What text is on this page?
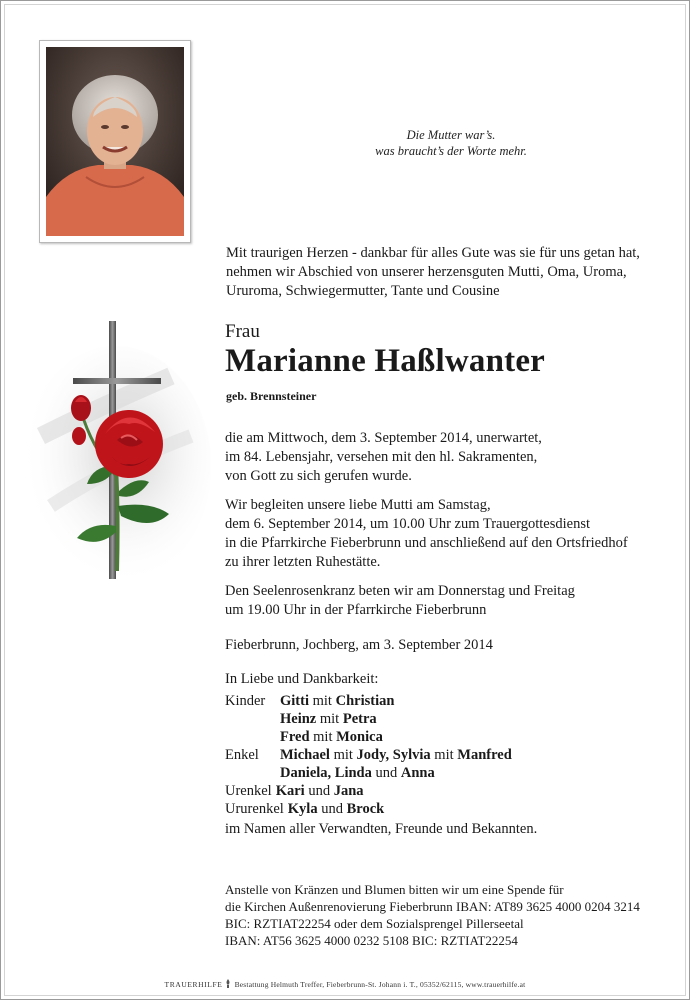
Die Mutter war’s.
was braucht’s der Worte mehr.
Mit traurigen Herzen - dankbar für alles Gute was sie für uns getan hat,
nehmen wir Abschied von unserer herzensguten Mutti, Oma, Uroma,
Ururoma, Schwiegermutter, Tante und Cousine
Frau
Marianne Haßlwanter
geb. Brennsteiner
die am Mittwoch, dem 3. September 2014, unerwartet,
im 84. Lebensjahr, versehen mit den hl. Sakramenten,
von Gott zu sich gerufen wurde.
Wir begleiten unsere liebe Mutti am Samstag,
dem 6. September 2014, um 10.00 Uhr zum Trauergottesdienst
in die Pfarrkirche Fieberbrunn und anschließend auf den Ortsfriedhof
zu ihrer letzten Ruhestätte.
Den Seelenrosenkranz beten wir am Donnerstag und Freitag
um 19.00 Uhr in der Pfarrkirche Fieberbrunn
Fieberbrunn, Jochberg, am 3. September 2014
In Liebe und Dankbarkeit:
Kinder	Gitti mit Christian
Heinz mit Petra
Fred mit Monica
Enkel	Michael mit Jody, Sylvia mit Manfred
Daniela, Linda und Anna
Urenkel Kari und Jana
Ururenkel Kyla und Brock
im Namen aller Verwandten, Freunde und Bekannten.
Anstelle von Kränzen und Blumen bitten wir um eine Spende für
die Kirchen Außenrenovierung Fieberbrunn IBAN: AT89 3625 4000 0204 3214
BIC: RZTIAT22254 oder dem Sozialsprengel Pillerseetal
IBAN: AT56 3625 4000 0232 5108 BIC: RZTIAT22254
TRAUERHILFE Bestattung Helmuth Treffer, Fieberbrunn-St. Johann i. T., 05352/62115, www.trauerhilfe.at
